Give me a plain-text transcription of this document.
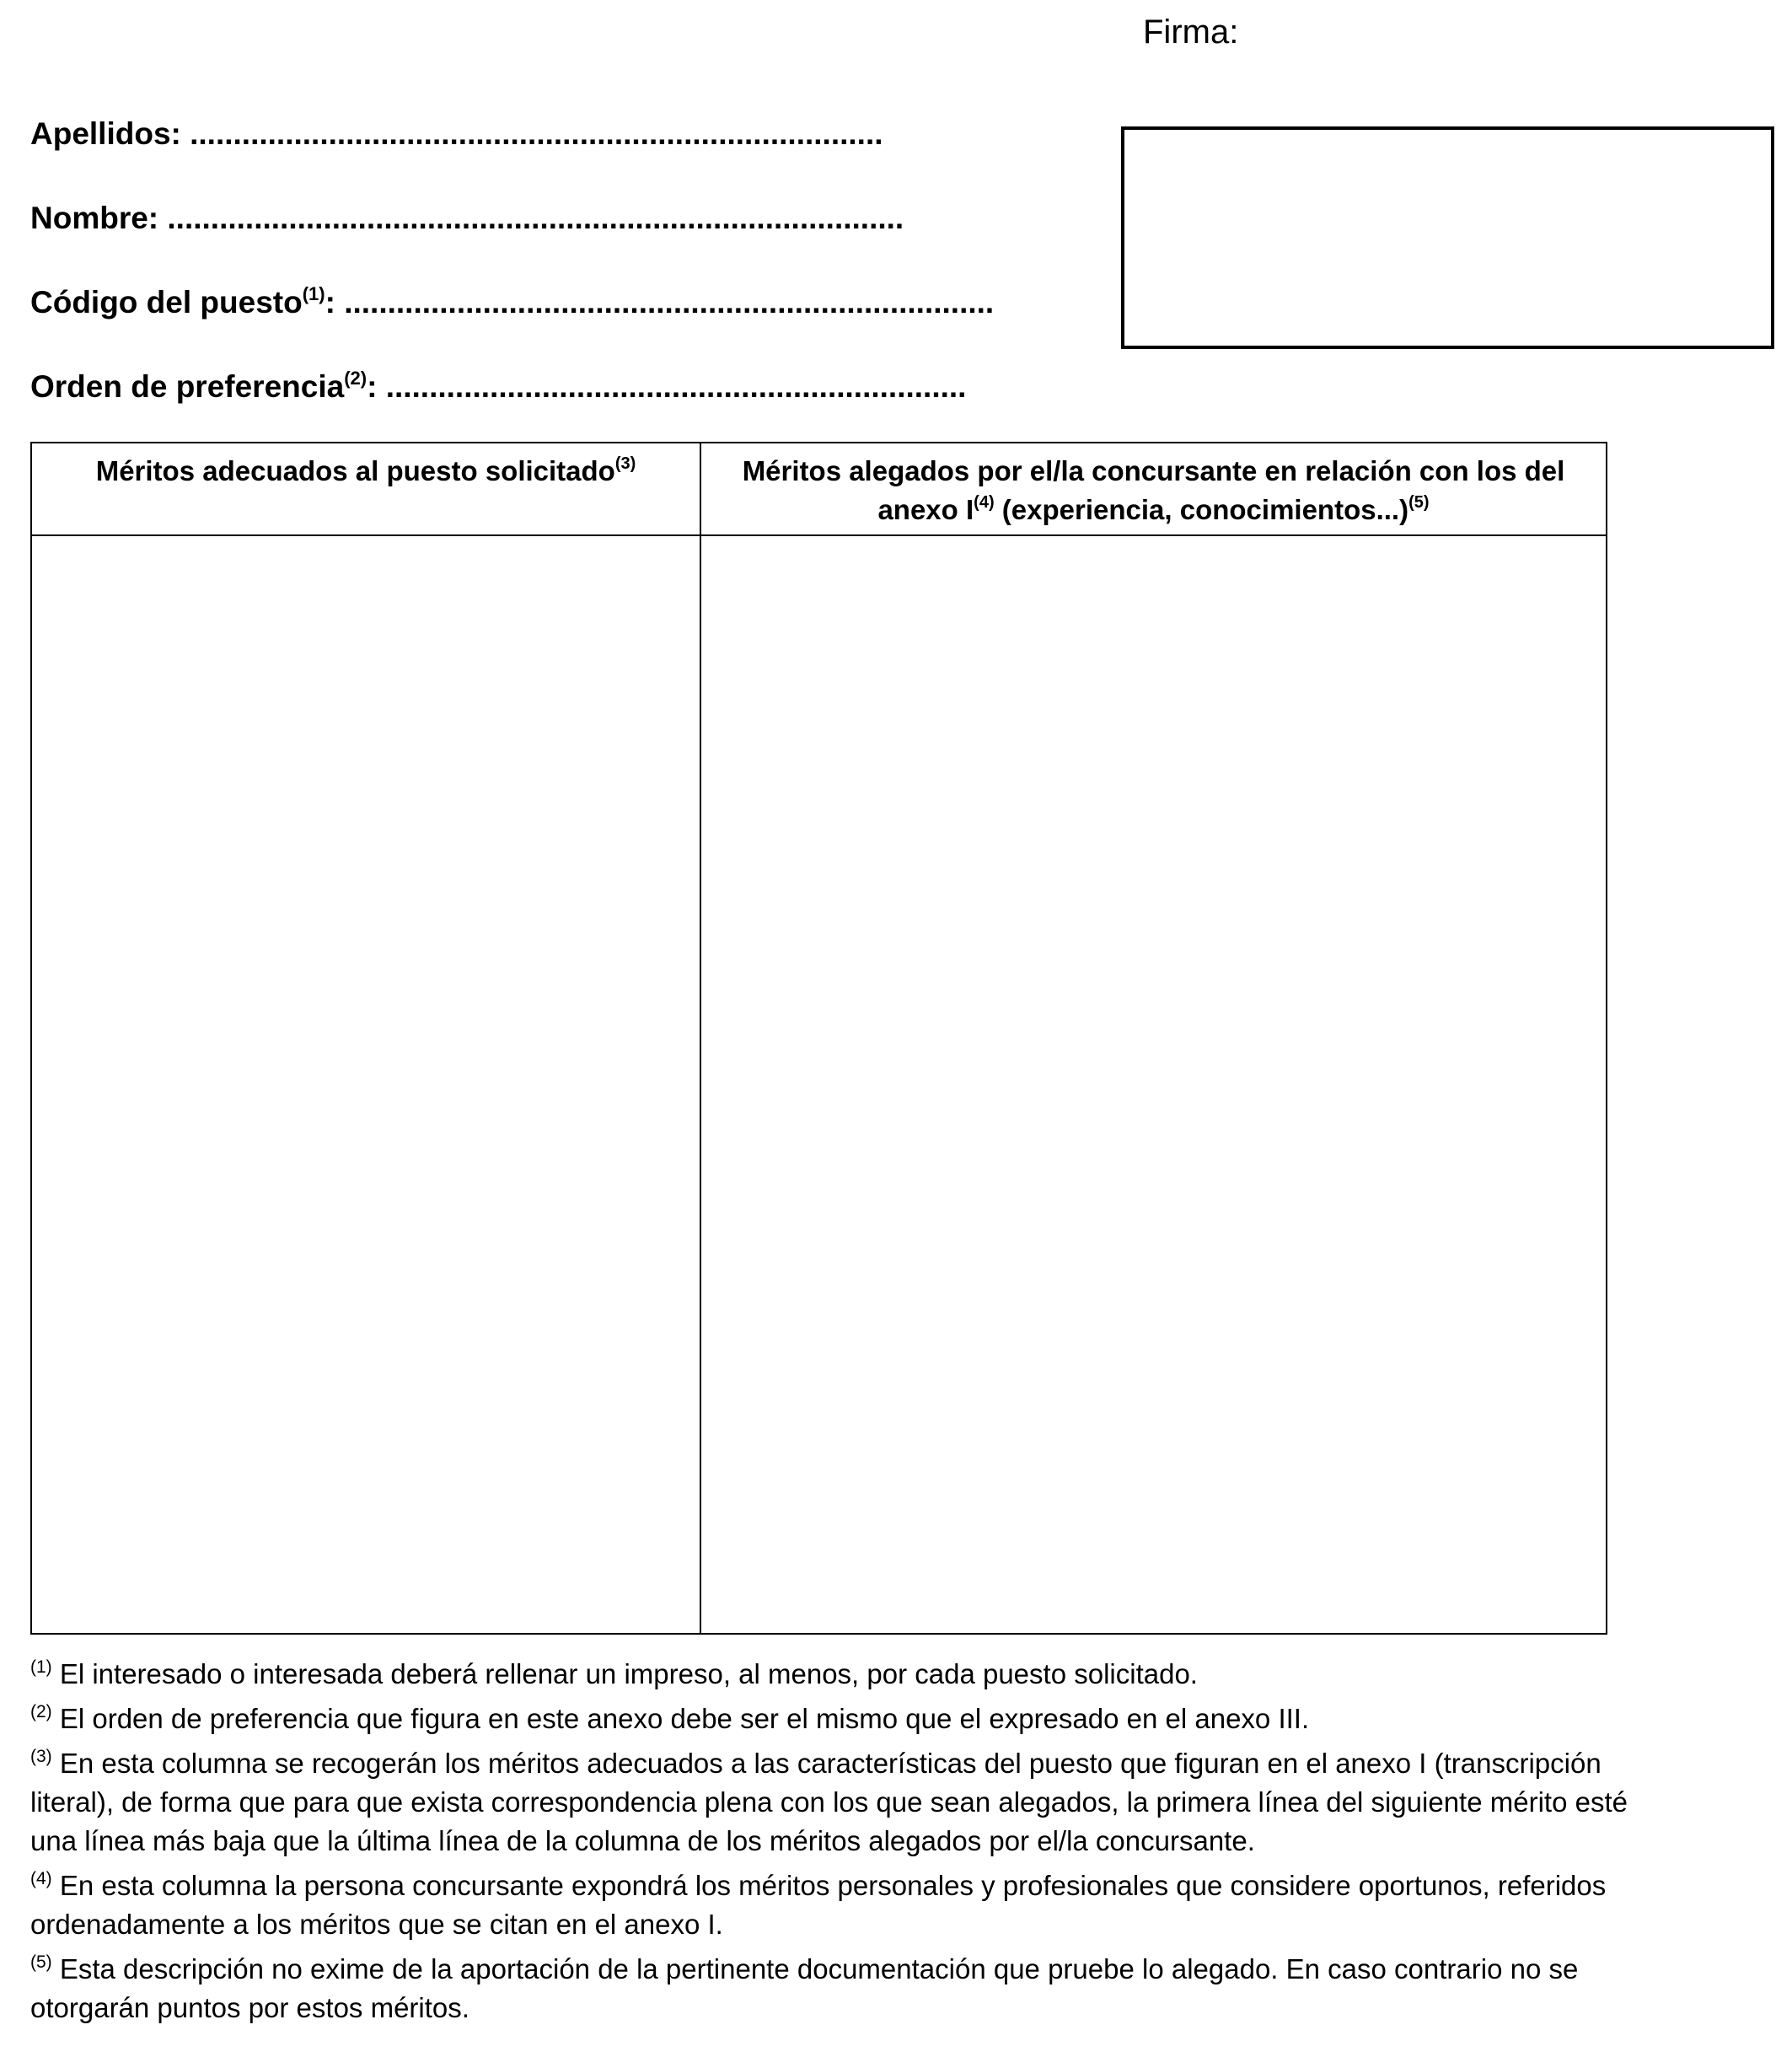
Firma:
Apellidos: ................................................................................
Nombre: .....................................................................................
Código del puesto$^{(1)}$: ...........................................................................
Orden de preferencia$^{(2)}$: ...................................................................
Méritos adecuados al puesto solicitado$^{(3)}$	Méritos alegados por el/la concursante en relación con los del
anexo $I^{(4)}$ (experiencia, conocimientos...)$^{(5)}$
$^{(1)}$ El interesado o interesada deberá rellenar un impreso, al menos, por cada puesto solicitado.
$^{(2)}$ El orden de preferencia que figura en este anexo debe ser el mismo que el expresado en el anexo III.
$^{(3)}$ En esta columna se recogerán los méritos adecuados a las características del puesto que figuran en el anexo I (transcripción literal), de forma que para que exista correspondencia plena con los que sean alegados, la primera línea del siguiente mérito esté una línea más baja que la última línea de la columna de los méritos alegados por el/la concursante.
$^{(4)}$ En esta columna la persona concursante expondrá los méritos personales y profesionales que considere oportunos, referidos ordenadamente a los méritos que se citan en el anexo I.
$^{(5)}$ Esta descripción no exime de la aportación de la pertinente documentación que pruebe lo alegado. En caso contrario no se otorgarán puntos por estos méritos.
